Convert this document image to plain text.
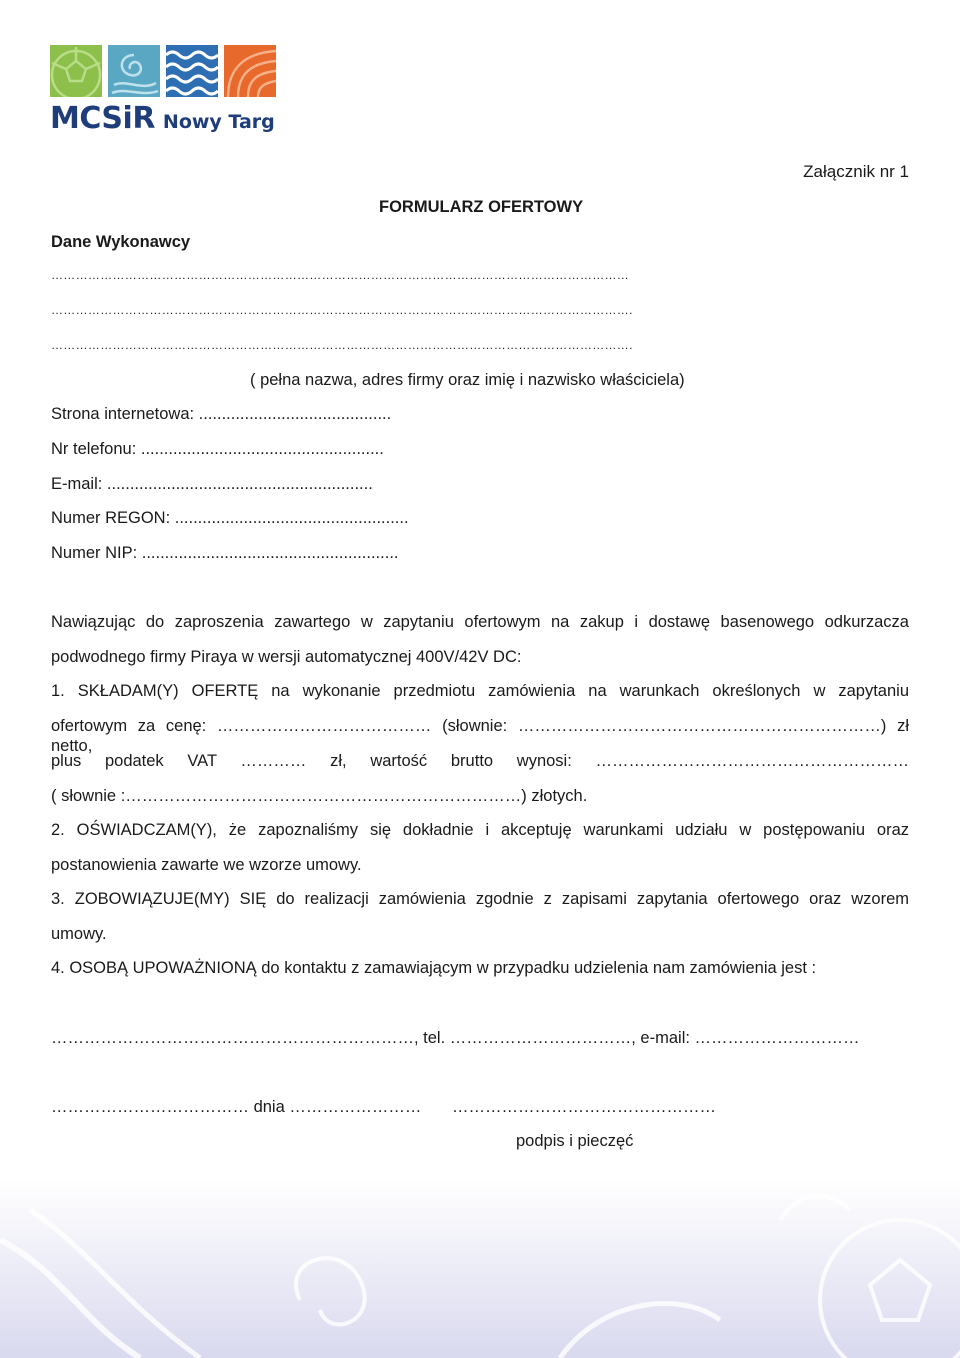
MCSiR Nowy Targ
Załącznik nr 1
FORMULARZ OFERTOWY
Dane Wykonawcy
……………………………………………………………………………………………………………………………
…………………………………………………………………………………………………………………………….
…………………………………………………………………………………………………………………………….
( pełna nazwa, adres firmy oraz imię i nazwisko właściciela)
Strona internetowa: ..........................................
Nr telefonu: .....................................................
E-mail: ..........................................................
Numer REGON: ...................................................
Numer NIP: ........................................................
Nawiązując do zaproszenia zawartego w zapytaniu ofertowym na zakup i dostawę basenowego odkurzacza
podwodnego firmy Piraya w wersji automatycznej 400V/42V DC:
1. SKŁADAM(Y) OFERTĘ na wykonanie przedmiotu zamówienia na warunkach określonych w zapytaniu
ofertowym za cenę: ………………………………… (słownie: …………………………………………………………) zł netto,
plus podatek VAT ………… zł, wartość brutto wynosi: …………………………………………………
( słownie :………………………………………………………………) złotych.
2. OŚWIADCZAM(Y), że zapoznaliśmy się dokładnie i akceptuję warunkami udziału w postępowaniu oraz
postanowienia zawarte we wzorze umowy.
3. ZOBOWIĄZUJE(MY) SIĘ do realizacji zamówienia zgodnie z zapisami zapytania ofertowego oraz wzorem
umowy.
4. OSOBĄ UPOWAŻNIONĄ do kontaktu z zamawiającym w przypadku udzielenia nam zamówienia jest :
…………………………………………………………, tel. ……………………………, e-mail: …………………………
……………………………… dnia …………………… …………………………………………
podpis i pieczęć
